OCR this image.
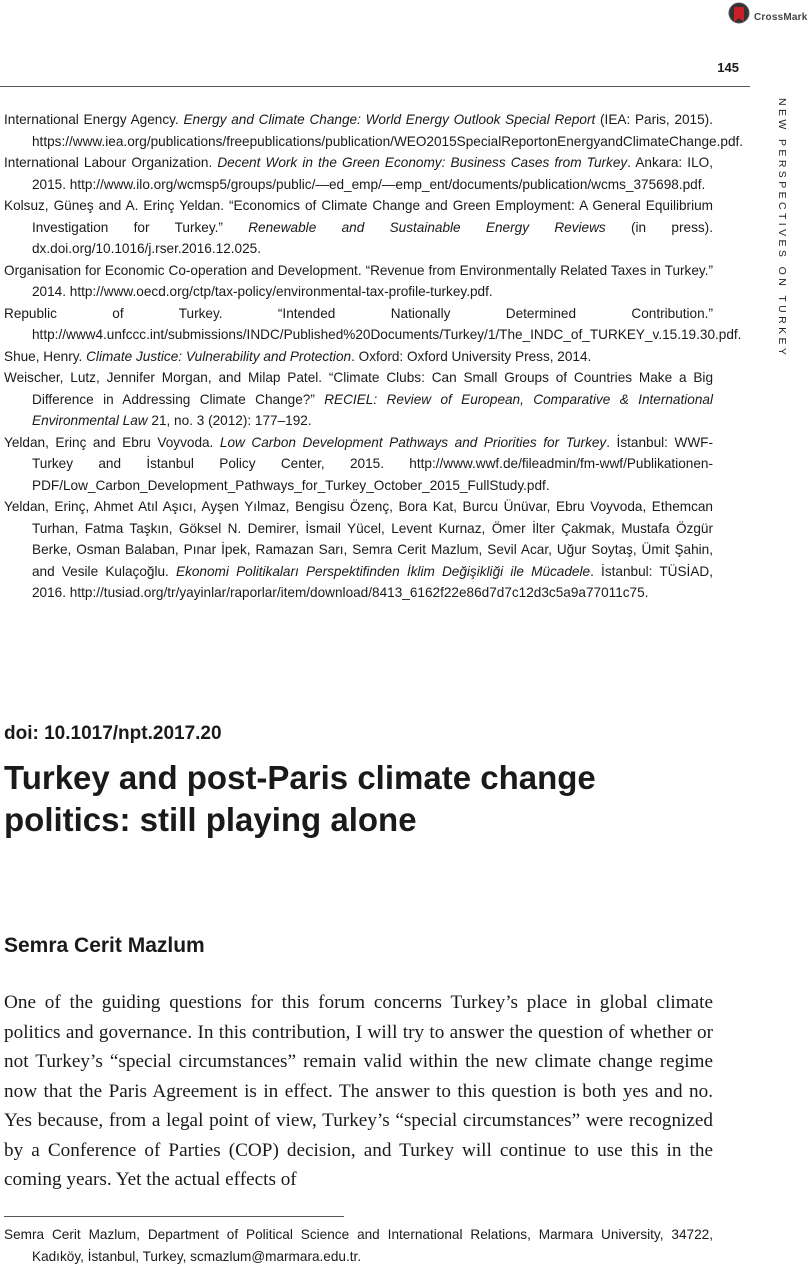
CrossMark
145
NEW PERSPECTIVES ON TURKEY

International Energy Agency. Energy and Climate Change: World Energy Outlook Special Report (IEA: Paris, 2015). https://www.iea.org/publications/freepublications/publication/WEO2015SpecialReportonEnergyandClimateChange.pdf.

International Labour Organization. Decent Work in the Green Economy: Business Cases from Turkey. Ankara: ILO, 2015. http://www.ilo.org/wcmsp5/groups/public/—ed_emp/—emp_ent/documents/publication/wcms_375698.pdf.

Kolsuz, Güneş and A. Erinç Yeldan. “Economics of Climate Change and Green Employment: A General Equilibrium Investigation for Turkey.” Renewable and Sustainable Energy Reviews (in press). dx.doi.org/10.1016/j.rser.2016.12.025.

Organisation for Economic Co-operation and Development. “Revenue from Environmentally Related Taxes in Turkey.” 2014. http://www.oecd.org/ctp/tax-policy/environmental-tax-profile-turkey.pdf.

Republic of Turkey. “Intended Nationally Determined Contribution.” http://www4.unfccc.int/submissions/INDC/Published%20Documents/Turkey/1/The_INDC_of_TURKEY_v.15.19.30.pdf.

Shue, Henry. Climate Justice: Vulnerability and Protection. Oxford: Oxford University Press, 2014.

Weischer, Lutz, Jennifer Morgan, and Milap Patel. “Climate Clubs: Can Small Groups of Countries Make a Big Difference in Addressing Climate Change?” RECIEL: Review of European, Comparative & International Environmental Law 21, no. 3 (2012): 177–192.

Yeldan, Erinç and Ebru Voyvoda. Low Carbon Development Pathways and Priorities for Turkey. İstanbul: WWF-Turkey and İstanbul Policy Center, 2015. http://www.wwf.de/fileadmin/fm-wwf/Publikationen-PDF/Low_Carbon_Development_Pathways_for_Turkey_October_2015_FullStudy.pdf.

Yeldan, Erinç, Ahmet Atıl Aşıcı, Ayşen Yılmaz, Bengisu Özenç, Bora Kat, Burcu Ünüvar, Ebru Voyvoda, Ethemcan Turhan, Fatma Taşkın, Göksel N. Demirer, İsmail Yücel, Levent Kurnaz, Ömer İlter Çakmak, Mustafa Özgür Berke, Osman Balaban, Pınar İpek, Ramazan Sarı, Semra Cerit Mazlum, Sevil Acar, Uğur Soytaş, Ümit Şahin, and Vesile Kulaçoğlu. Ekonomi Politikaları Perspektifinden İklim Değişikliği ile Mücadele. İstanbul: TÜSİAD, 2016. http://tusiad.org/tr/yayinlar/raporlar/item/download/8413_6162f22e86d7d7c12d3c5a9a77011c75.

doi: 10.1017/npt.2017.20
Turkey and post-Paris climate change politics: still playing alone
Semra Cerit Mazlum

One of the guiding questions for this forum concerns Turkey’s place in global climate politics and governance. In this contribution, I will try to answer the question of whether or not Turkey’s “special circumstances” remain valid within the new climate change regime now that the Paris Agreement is in effect. The answer to this question is both yes and no. Yes because, from a legal point of view, Turkey’s “special circumstances” were recognized by a Conference of Parties (COP) decision, and Turkey will continue to use this in the coming years. Yet the actual effects of

Semra Cerit Mazlum, Department of Political Science and International Relations, Marmara University, 34722, Kadıköy, İstanbul, Turkey, scmazlum@marmara.edu.tr.
